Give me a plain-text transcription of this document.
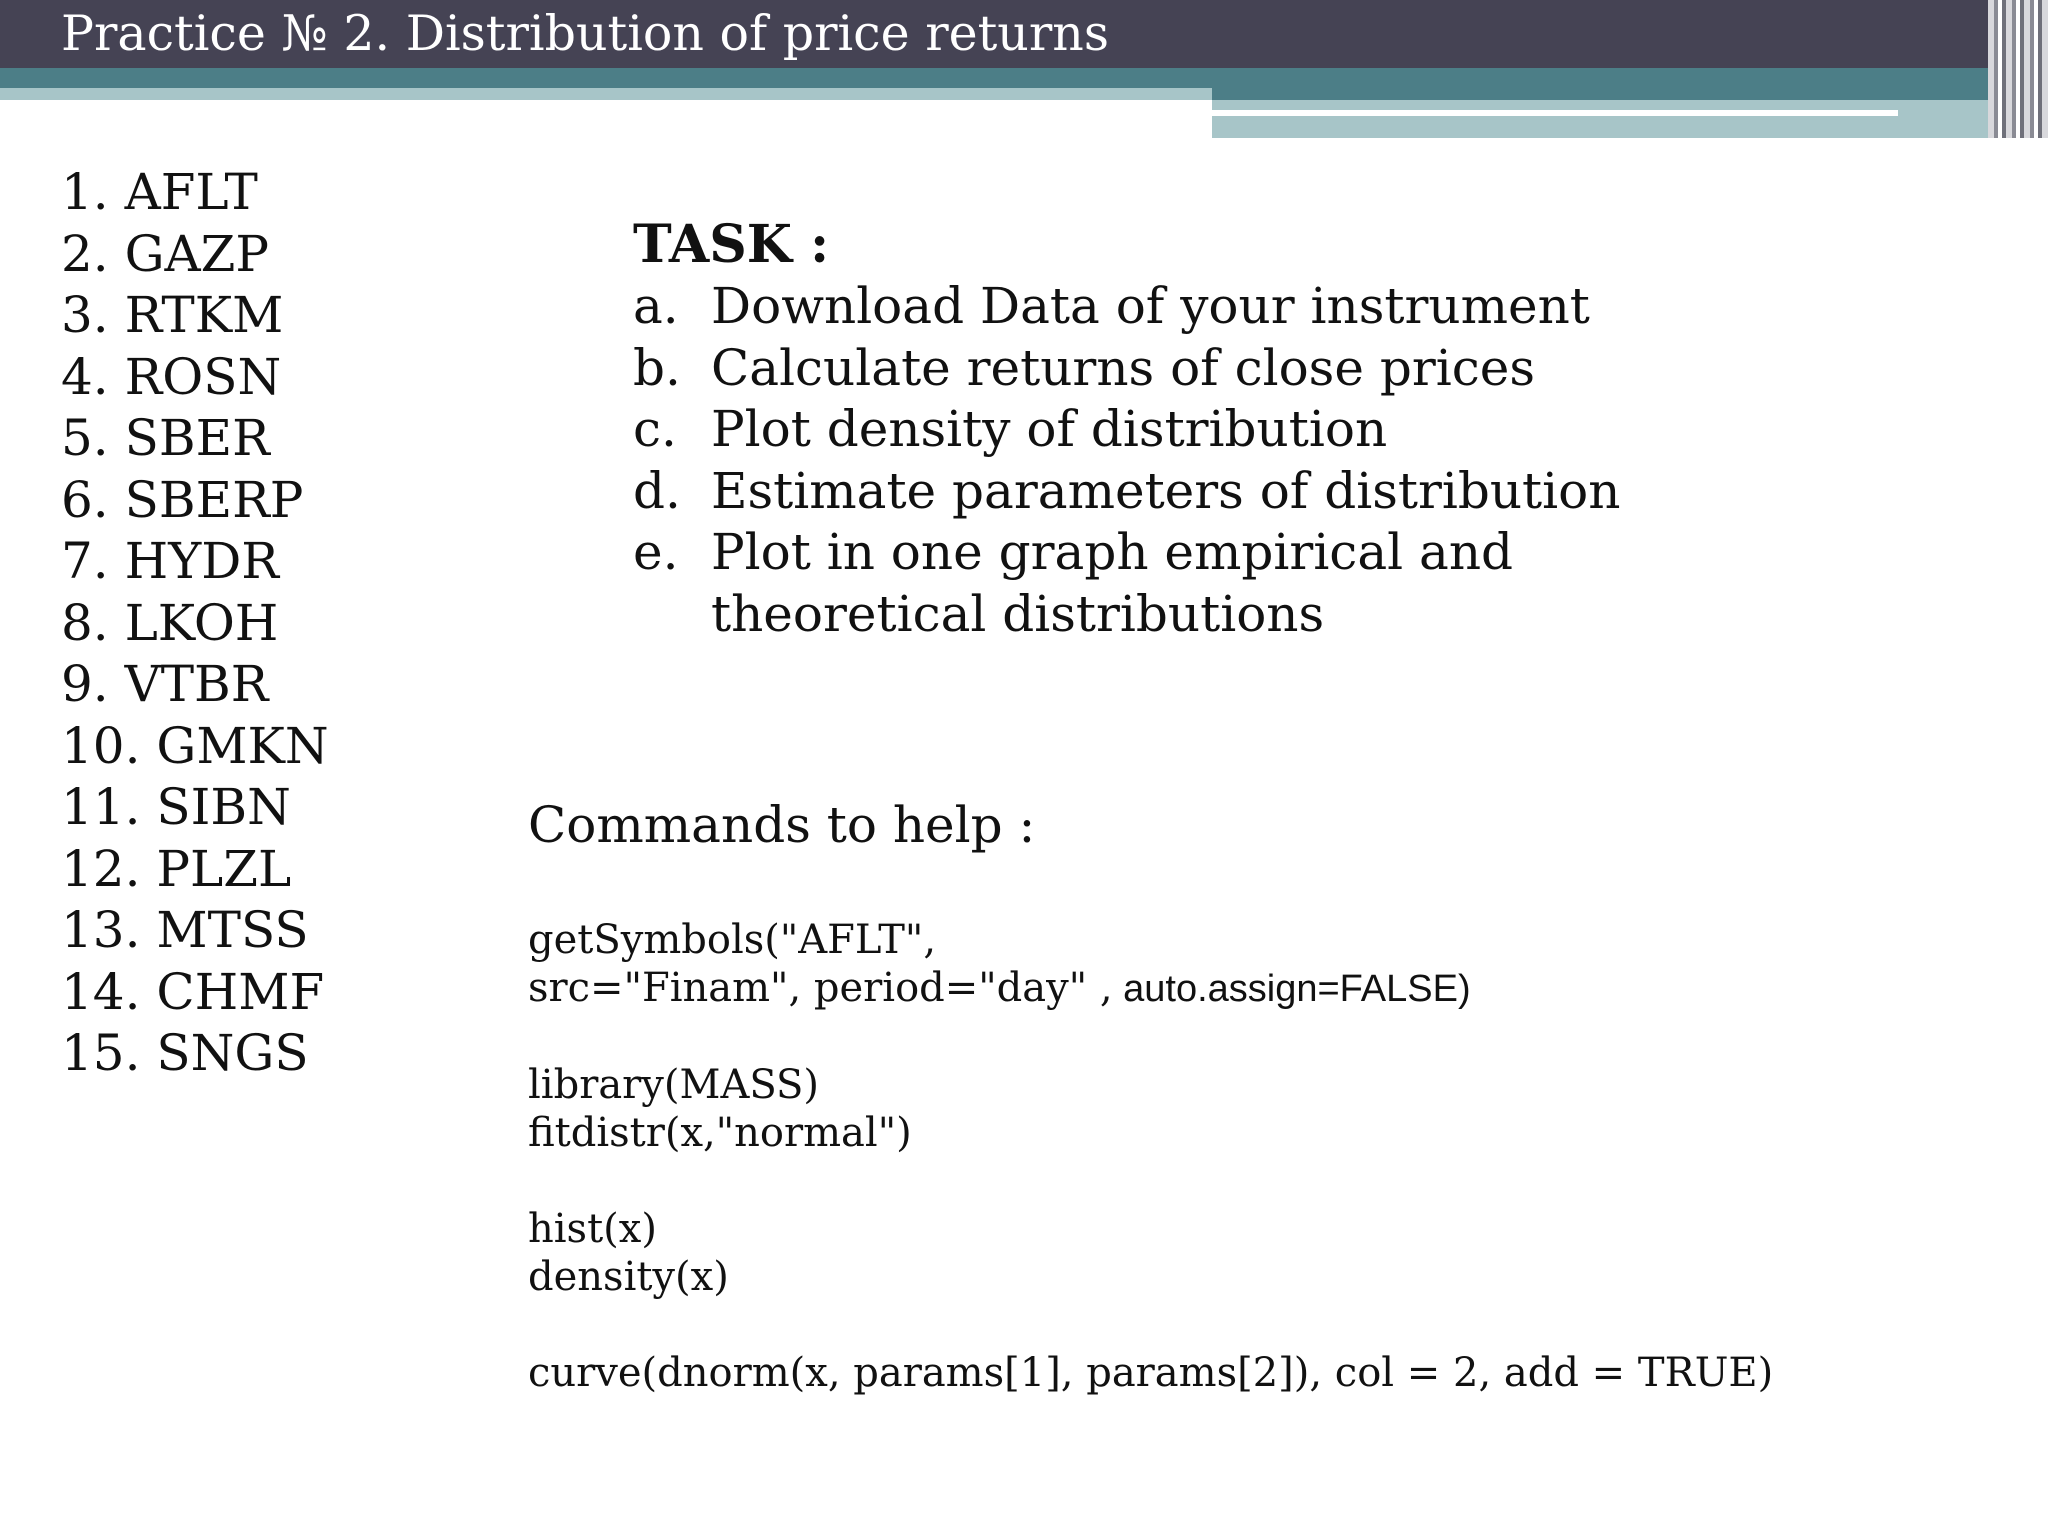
Practice № 2. Distribution of price returns
1. AFLT
2. GAZP
3. RTKM
4. ROSN
5. SBER
6. SBERP
7. HYDR
8. LKOH
9. VTBR
10. GMKN
11. SIBN
12. PLZL
13. MTSS
14. CHMF
15. SNGS
TASK :
a. Download Data of your instrument
b. Calculate returns of close prices
c. Plot density of distribution
d. Estimate parameters of distribution
e. Plot in one graph empirical and theoretical distributions
Commands to help :
getSymbols("AFLT",
src="Finam", period="day" , auto.assign=FALSE)
library(MASS)
fitdistr(x,"normal")
hist(x)
density(x)
curve(dnorm(x, params[1], params[2]), col = 2, add = TRUE)
